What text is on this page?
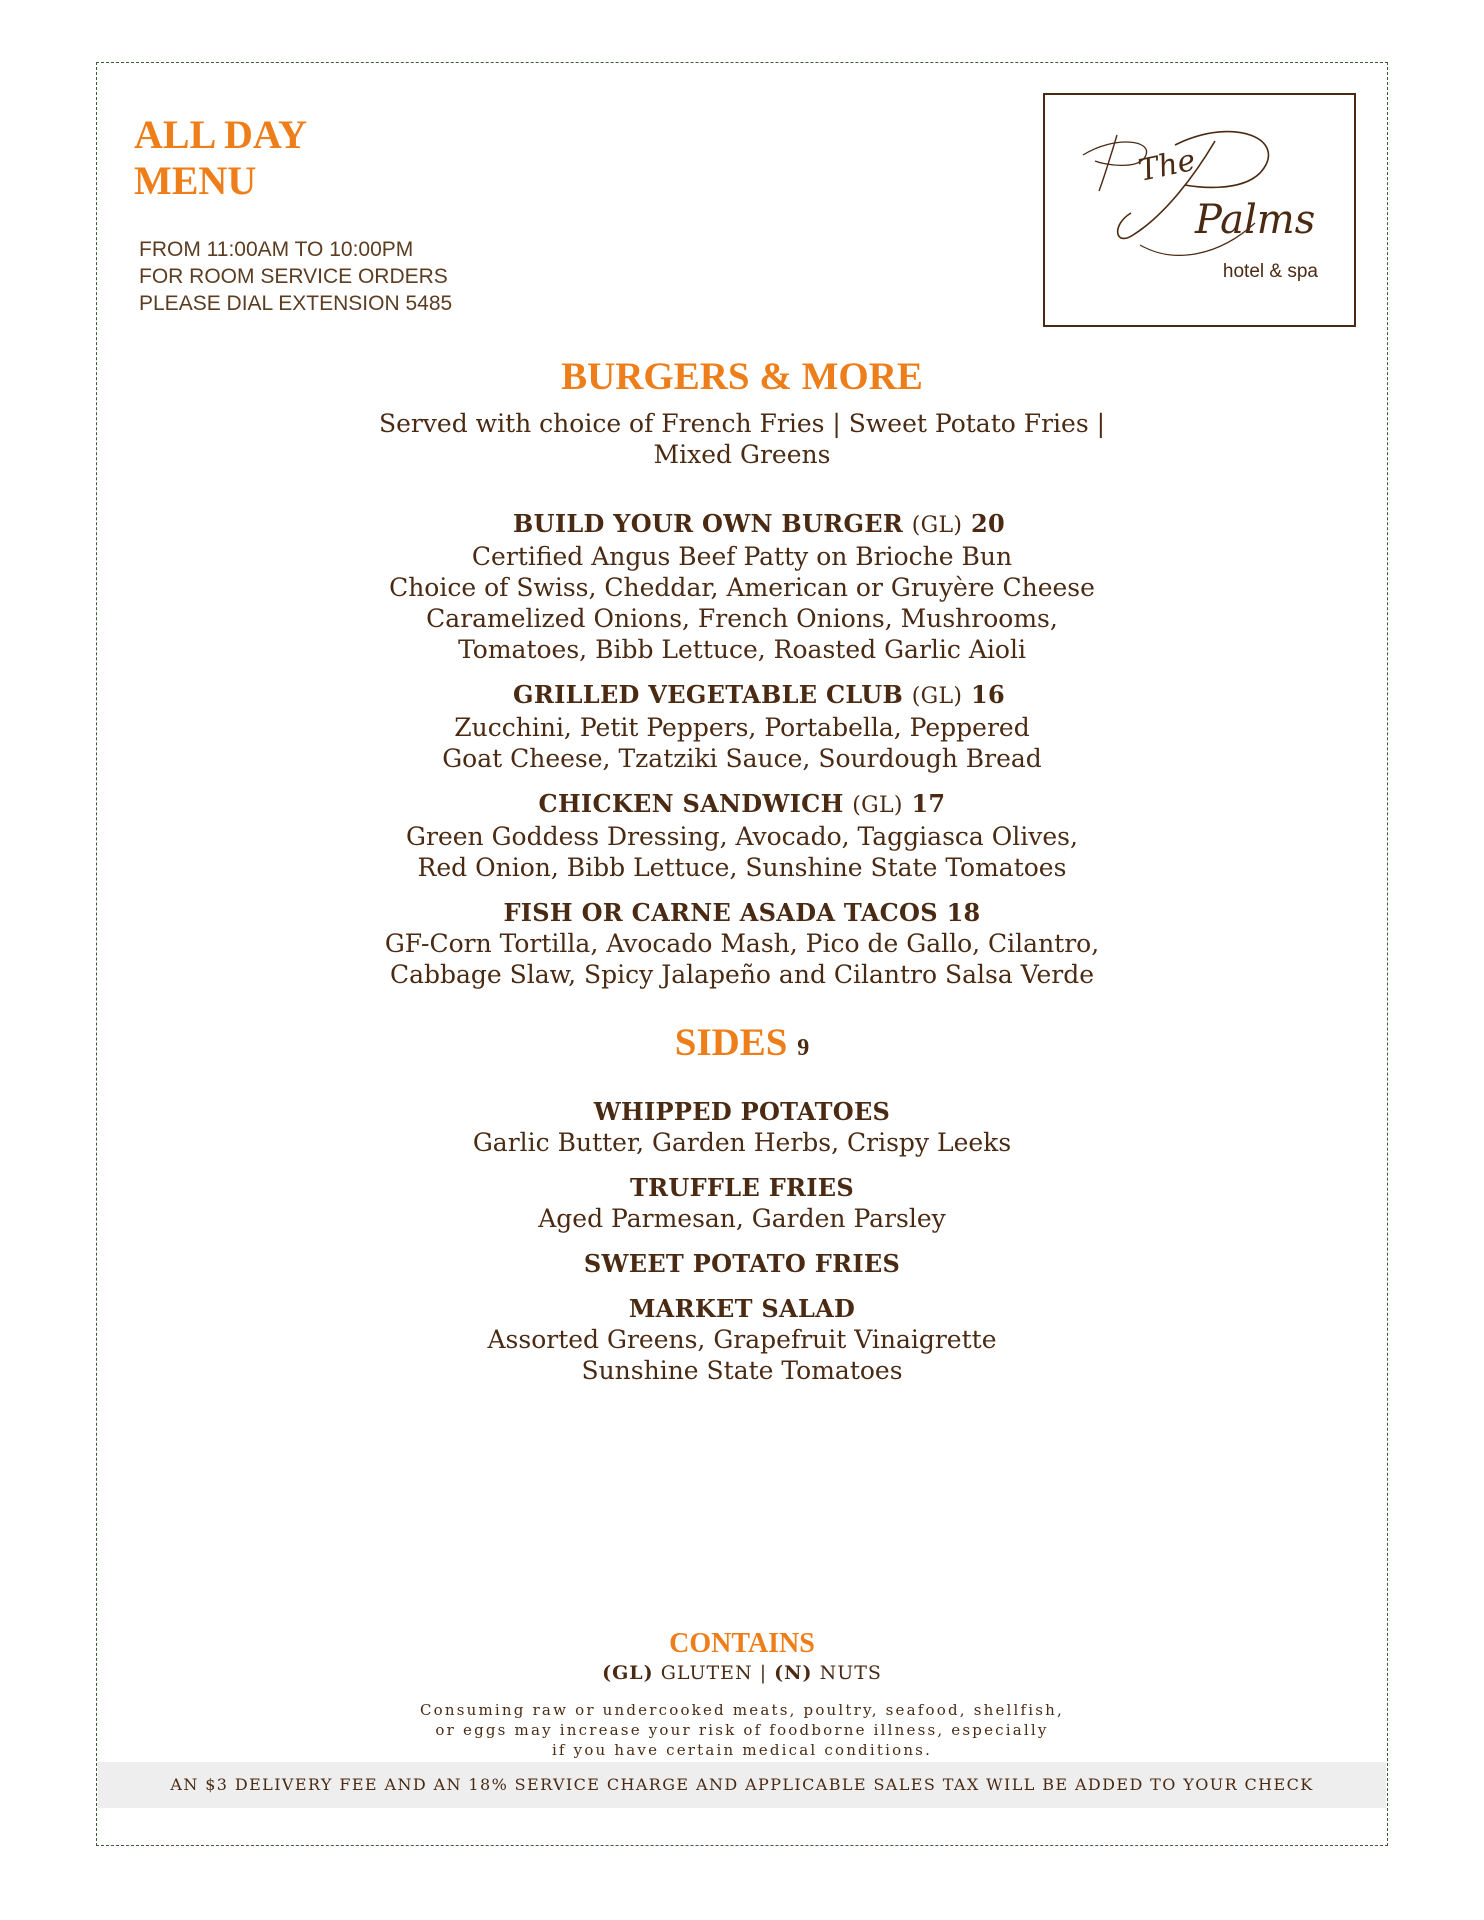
ALL DAY
MENU
FROM 11:00AM TO 10:00PM
FOR ROOM SERVICE ORDERS
PLEASE DIAL EXTENSION 5485
The
Palms
hotel & spa
BURGERS & MORE
Served with choice of French Fries | Sweet Potato Fries |
Mixed Greens
BUILD YOUR OWN BURGER (GL) 20
Certified Angus Beef Patty on Brioche Bun
Choice of Swiss, Cheddar, American or Gruyère Cheese
Caramelized Onions, French Onions, Mushrooms,
Tomatoes, Bibb Lettuce, Roasted Garlic Aioli
GRILLED VEGETABLE CLUB (GL) 16
Zucchini, Petit Peppers, Portabella, Peppered
Goat Cheese, Tzatziki Sauce, Sourdough Bread
CHICKEN SANDWICH (GL) 17
Green Goddess Dressing, Avocado, Taggiasca Olives,
Red Onion, Bibb Lettuce, Sunshine State Tomatoes
FISH OR CARNE ASADA TACOS 18
GF-Corn Tortilla, Avocado Mash, Pico de Gallo, Cilantro,
Cabbage Slaw, Spicy Jalapeño and Cilantro Salsa Verde
SIDES 9
WHIPPED POTATOES
Garlic Butter, Garden Herbs, Crispy Leeks
TRUFFLE FRIES
Aged Parmesan, Garden Parsley
SWEET POTATO FRIES
MARKET SALAD
Assorted Greens, Grapefruit Vinaigrette
Sunshine State Tomatoes
CONTAINS
(GL) GLUTEN | (N) NUTS
Consuming raw or undercooked meats, poultry, seafood, shellfish,
or eggs may increase your risk of foodborne illness, especially
if you have certain medical conditions.
AN $3 DELIVERY FEE AND AN 18% SERVICE CHARGE AND APPLICABLE SALES TAX WILL BE ADDED TO YOUR CHECK
